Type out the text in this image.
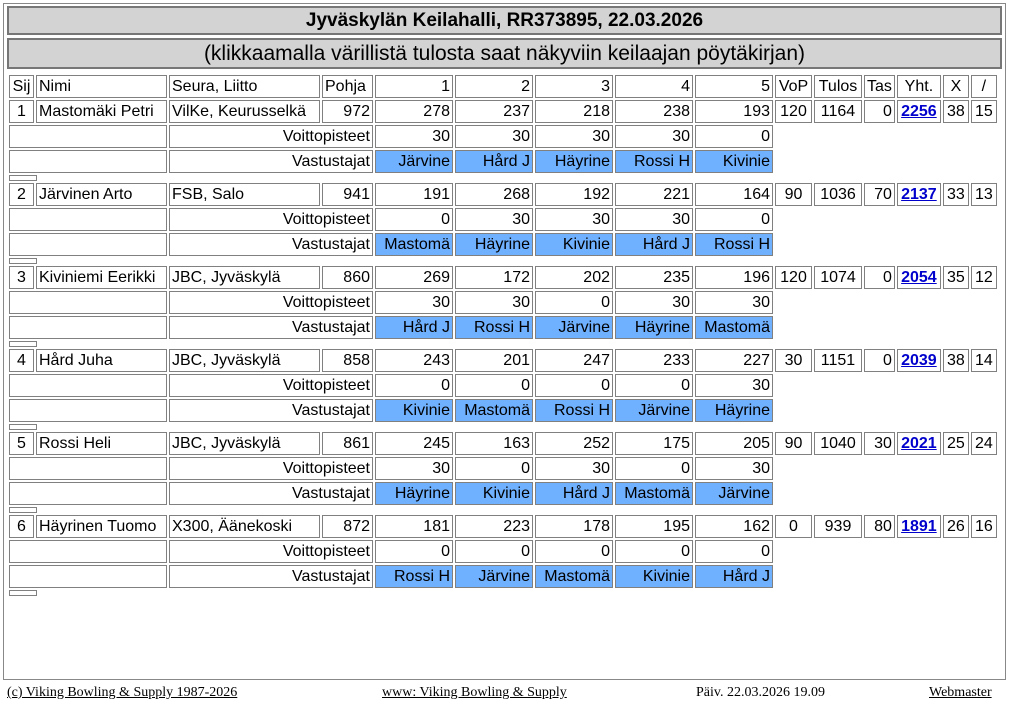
Jyväskylän Keilahalli, RR373895, 22.03.2026
(klikkaamalla värillistä tulosta saat näkyviin keilaajan pöytäkirjan)
Sij	Nimi	Seura, Liitto	Pohja	1	2	3	4	5	VoP	Tulos	Tas	Yht.	X	/
1	Mastomäki Petri	VilKe, Keurusselkä	972	278	237	218	238	193	120	1164	0	2256	38	15
		Voittopisteet		30	30	30	30	0						
		Vastustajat		Järvine	Hård J	Häyrine	Rossi H	Kivinie						

2	Järvinen Arto	FSB, Salo	941	191	268	192	221	164	90	1036	70	2137	33	13
		Voittopisteet		0	30	30	30	0						
		Vastustajat		Mastomä	Häyrine	Kivinie	Hård J	Rossi H						

3	Kiviniemi Eerikki	JBC, Jyväskylä	860	269	172	202	235	196	120	1074	0	2054	35	12
		Voittopisteet		30	30	0	30	30						
		Vastustajat		Hård J	Rossi H	Järvine	Häyrine	Mastomä						

4	Hård Juha	JBC, Jyväskylä	858	243	201	247	233	227	30	1151	0	2039	38	14
		Voittopisteet		0	0	0	0	30						
		Vastustajat		Kivinie	Mastomä	Rossi H	Järvine	Häyrine						

5	Rossi Heli	JBC, Jyväskylä	861	245	163	252	175	205	90	1040	30	2021	25	24
		Voittopisteet		30	0	30	0	30						
		Vastustajat		Häyrine	Kivinie	Hård J	Mastomä	Järvine						

6	Häyrinen Tuomo	X300, Äänekoski	872	181	223	178	195	162	0	939	80	1891	26	16
		Voittopisteet		0	0	0	0	0						
		Vastustajat		Rossi H	Järvine	Mastomä	Kivinie	Hård J						

(c) Viking Bowling & Supply 1987-2026	www: Viking Bowling & Supply	Päiv. 22.03.2026 19.09	Webmaster
